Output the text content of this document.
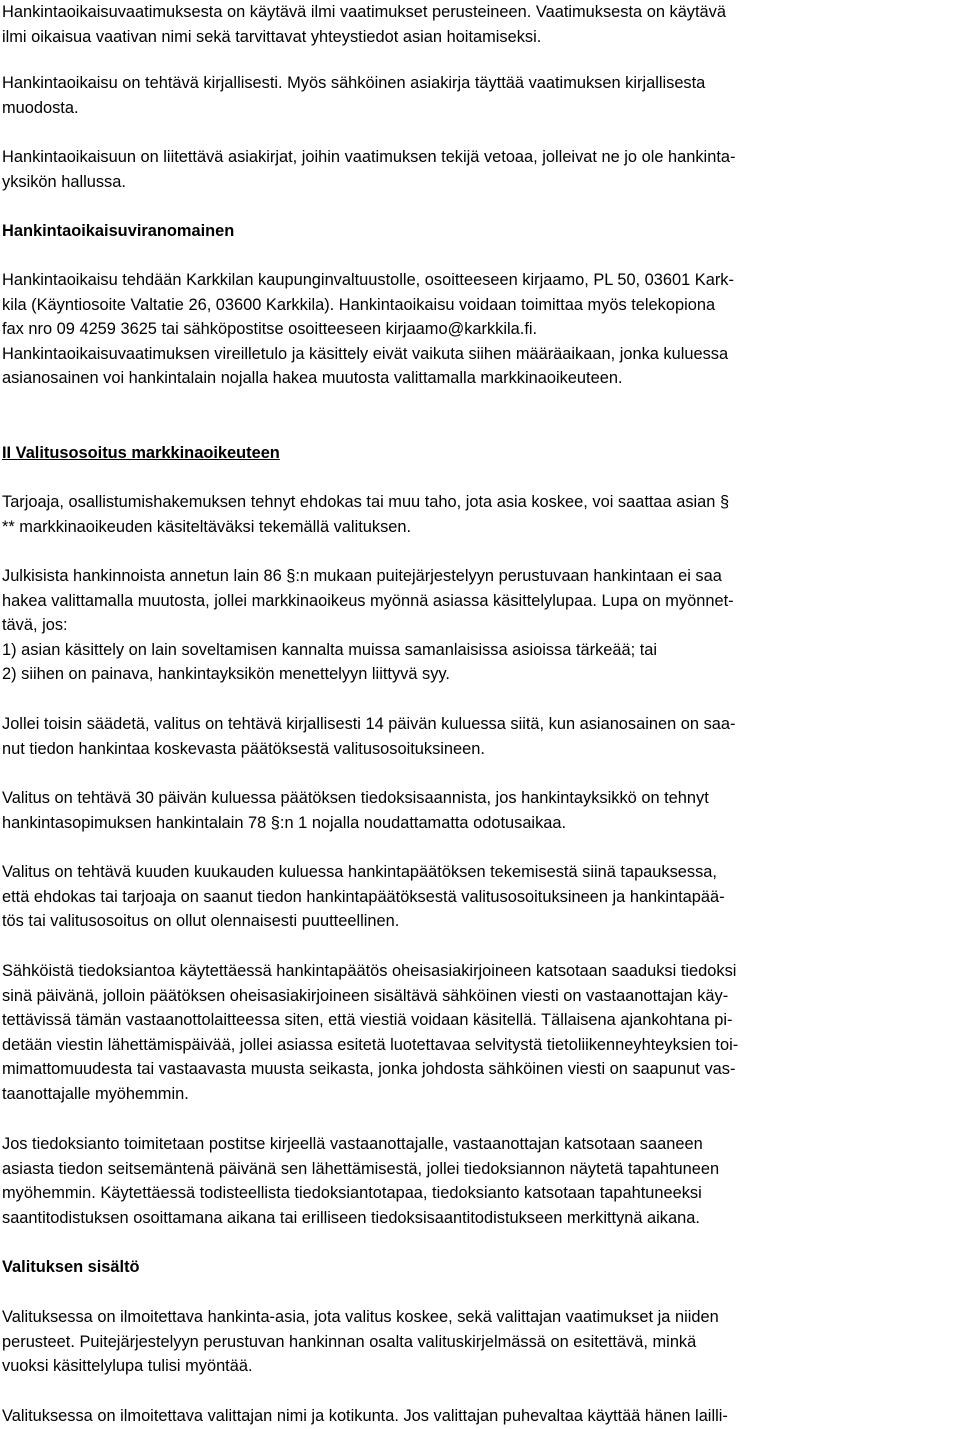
Hankintaoikaisuvaatimuksesta on käytävä ilmi vaatimukset perusteineen. Vaatimuksesta on käytävä
ilmi oikaisua vaativan nimi sekä tarvittavat yhteystiedot asian hoitamiseksi.

Hankintaoikaisu on tehtävä kirjallisesti. Myös sähköinen asiakirja täyttää vaatimuksen kirjallisesta
muodosta.

Hankintaoikaisuun on liitettävä asiakirjat, joihin vaatimuksen tekijä vetoaa, jolleivat ne jo ole hankinta-
yksikön hallussa.

Hankintaoikaisuviranomainen

Hankintaoikaisu tehdään Karkkilan kaupunginvaltuustolle, osoitteeseen kirjaamo, PL 50, 03601 Kark-
kila (Käyntiosoite Valtatie 26, 03600 Karkkila). Hankintaoikaisu voidaan toimittaa myös telekopiona
fax nro 09 4259 3625 tai sähköpostitse osoitteeseen kirjaamo@karkkila.fi.
Hankintaoikaisuvaatimuksen vireilletulo ja käsittely eivät vaikuta siihen määräaikaan, jonka kuluessa
asianosainen voi hankintalain nojalla hakea muutosta valittamalla markkinaoikeuteen.

II Valitusosoitus markkinaoikeuteen

Tarjoaja, osallistumishakemuksen tehnyt ehdokas tai muu taho, jota asia koskee, voi saattaa asian §
** markkinaoikeuden käsiteltäväksi tekemällä valituksen.

Julkisista hankinnoista annetun lain 86 §:n mukaan puitejärjestelyyn perustuvaan hankintaan ei saa
hakea valittamalla muutosta, jollei markkinaoikeus myönnä asiassa käsittelylupaa. Lupa on myönnet-
tävä, jos:
1) asian käsittely on lain soveltamisen kannalta muissa samanlaisissa asioissa tärkeää; tai
2) siihen on painava, hankintayksikön menettelyyn liittyvä syy.

Jollei toisin säädetä, valitus on tehtävä kirjallisesti 14 päivän kuluessa siitä, kun asianosainen on saa-
nut tiedon hankintaa koskevasta päätöksestä valitusosoituksineen.

Valitus on tehtävä 30 päivän kuluessa päätöksen tiedoksisaannista, jos hankintayksikkö on tehnyt
hankintasopimuksen hankintalain 78 §:n 1 nojalla noudattamatta odotusaikaa.

Valitus on tehtävä kuuden kuukauden kuluessa hankintapäätöksen tekemisestä siinä tapauksessa,
että ehdokas tai tarjoaja on saanut tiedon hankintapäätöksestä valitusosoituksineen ja hankintapää-
tös tai valitusosoitus on ollut olennaisesti puutteellinen.

Sähköistä tiedoksiantoa käytettäessä hankintapäätös oheisasiakirjoineen katsotaan saaduksi tiedoksi
sinä päivänä, jolloin päätöksen oheisasiakirjoineen sisältävä sähköinen viesti on vastaanottajan käy-
tettävissä tämän vastaanottolaitteessa siten, että viestiä voidaan käsitellä. Tällaisena ajankohtana pi-
detään viestin lähettämispäivää, jollei asiassa esitetä luotettavaa selvitystä tietoliikenneyhteyksien toi-
mimattomuudesta tai vastaavasta muusta seikasta, jonka johdosta sähköinen viesti on saapunut vas-
taanottajalle myöhemmin.

Jos tiedoksianto toimitetaan postitse kirjeellä vastaanottajalle, vastaanottajan katsotaan saaneen
asiasta tiedon seitsemäntenä päivänä sen lähettämisestä, jollei tiedoksiannon näytetä tapahtuneen
myöhemmin. Käytettäessä todisteellista tiedoksiantotapaa, tiedoksianto katsotaan tapahtuneeksi
saantitodistuksen osoittamana aikana tai erilliseen tiedoksisaantitodistukseen merkittynä aikana.

Valituksen sisältö

Valituksessa on ilmoitettava hankinta-asia, jota valitus koskee, sekä valittajan vaatimukset ja niiden
perusteet. Puitejärjestelyyn perustuvan hankinnan osalta valituskirjelmässä on esitettävä, minkä
vuoksi käsittelylupa tulisi myöntää.

Valituksessa on ilmoitettava valittajan nimi ja kotikunta. Jos valittajan puhevaltaa käyttää hänen lailli-
